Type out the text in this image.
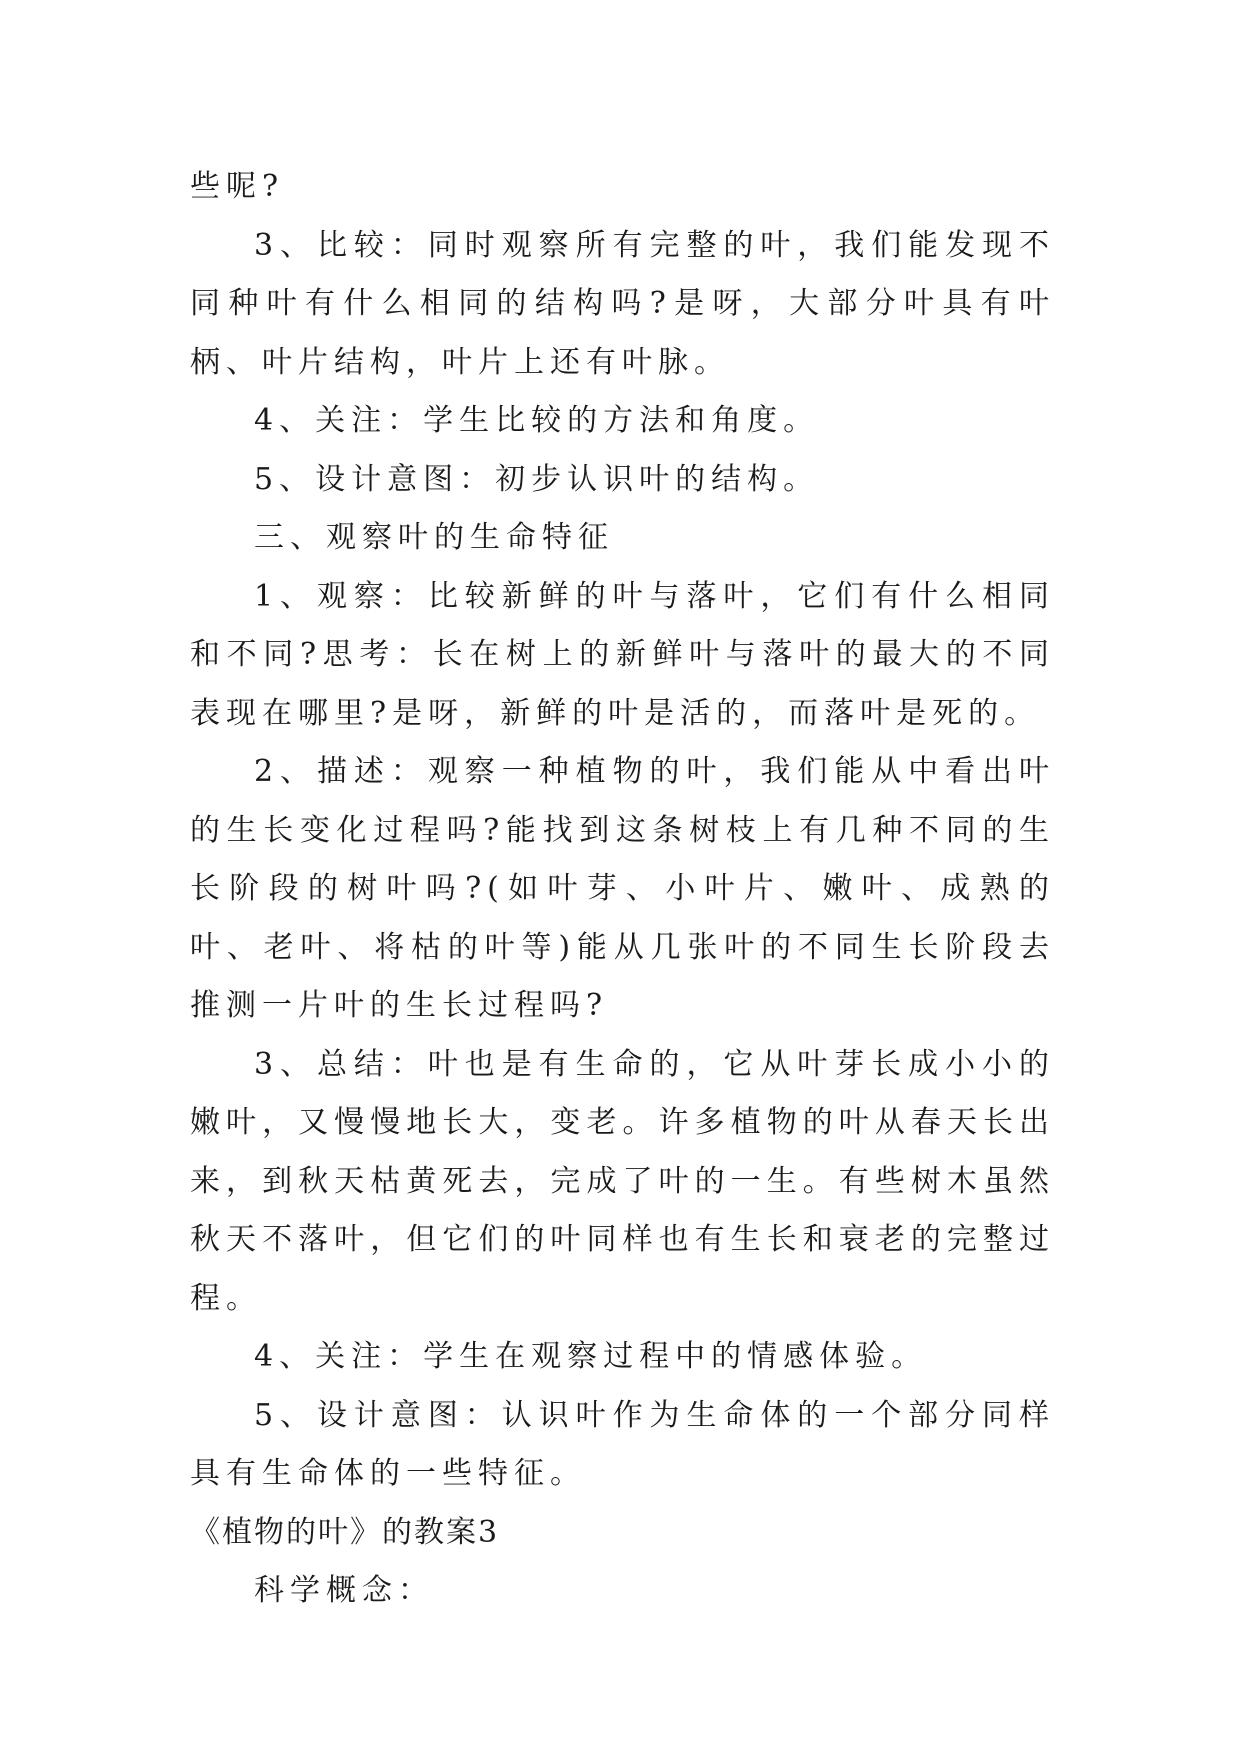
些呢?

3、比较：同时观察所有完整的叶，我们能发现不同种叶有什么相同的结构吗?是呀，大部分叶具有叶柄、叶片结构，叶片上还有叶脉。

4、关注：学生比较的方法和角度。

5、设计意图：初步认识叶的结构。

三、观察叶的生命特征

1、观察：比较新鲜的叶与落叶，它们有什么相同和不同?思考：长在树上的新鲜叶与落叶的最大的不同表现在哪里?是呀，新鲜的叶是活的，而落叶是死的。

2、描述：观察一种植物的叶，我们能从中看出叶的生长变化过程吗?能找到这条树枝上有几种不同的生长阶段的树叶吗?(如叶芽、小叶片、嫩叶、成熟的叶、老叶、将枯的叶等)能从几张叶的不同生长阶段去推测一片叶的生长过程吗?

3、总结：叶也是有生命的，它从叶芽长成小小的嫩叶，又慢慢地长大，变老。许多植物的叶从春天长出来，到秋天枯黄死去，完成了叶的一生。有些树木虽然秋天不落叶，但它们的叶同样也有生长和衰老的完整过程。

4、关注：学生在观察过程中的情感体验。

5、设计意图：认识叶作为生命体的一个部分同样具有生命体的一些特征。

《植物的叶》的教案3

科学概念：
